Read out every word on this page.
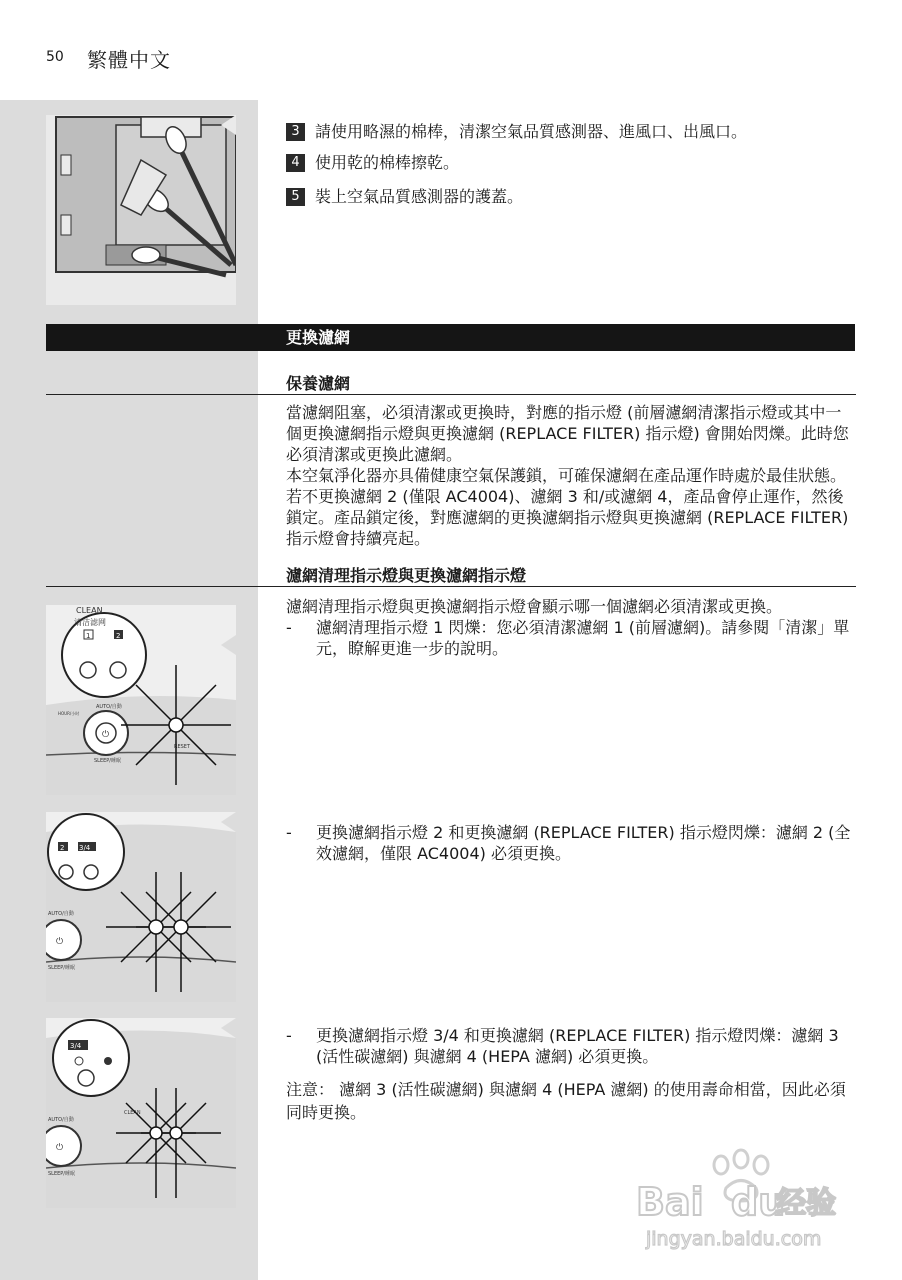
50 繁體中文
3 請使用略濕的棉棒，清潔空氣品質感測器、進風口、出風口。
4 使用乾的棉棒擦乾。
5 裝上空氣品質感測器的護蓋。
更換濾網
保養濾網

當濾網阻塞，必須清潔或更換時，對應的指示燈 (前層濾網清潔指示燈或其中一個更換濾網指示燈與更換濾網 (REPLACE FILTER) 指示燈) 會開始閃爍。此時您必須清潔或更換此濾網。

本空氣淨化器亦具備健康空氣保護鎖，可確保濾網在產品運作時處於最佳狀態。若不更換濾網 2 (僅限 AC4004)、濾網 3 和/或濾網 4，產品會停止運作，然後鎖定。產品鎖定後，對應濾網的更換濾網指示燈與更換濾網 (REPLACE FILTER) 指示燈會持續亮起。

濾網清理指示燈與更換濾網指示燈

濾網清理指示燈與更換濾網指示燈會顯示哪一個濾網必須清潔或更換。

-	濾網清理指示燈 1 閃爍：您必須清潔濾網 1 (前層濾網)。請參閱「清潔」單元，瞭解更進一步的說明。
-	更換濾網指示燈 2 和更換濾網 (REPLACE FILTER) 指示燈閃爍：濾網 2 (全效濾網，僅限 AC4004) 必須更換。
-	更換濾網指示燈 3/4 和更換濾網 (REPLACE FILTER) 指示燈閃爍：濾網 3 (活性碳濾網) 與濾網 4 (HEPA 濾網) 必須更換。
注意： 濾網 3 (活性碳濾網) 與濾網 4 (HEPA 濾網) 的使用壽命相當，因此必須同時更換。
⏻
AUTO/自動
SLEEP/睡眠
HOUR/小时
RESET
CLEAN
清洁滤网
1	2
⏻
AUTO/自動
SLEEP/睡眠
2 3/4
⏻
AUTO/自動
SLEEP/睡眠
CLEAN
3/4
Bai du
经验
jingyan.baidu.com
